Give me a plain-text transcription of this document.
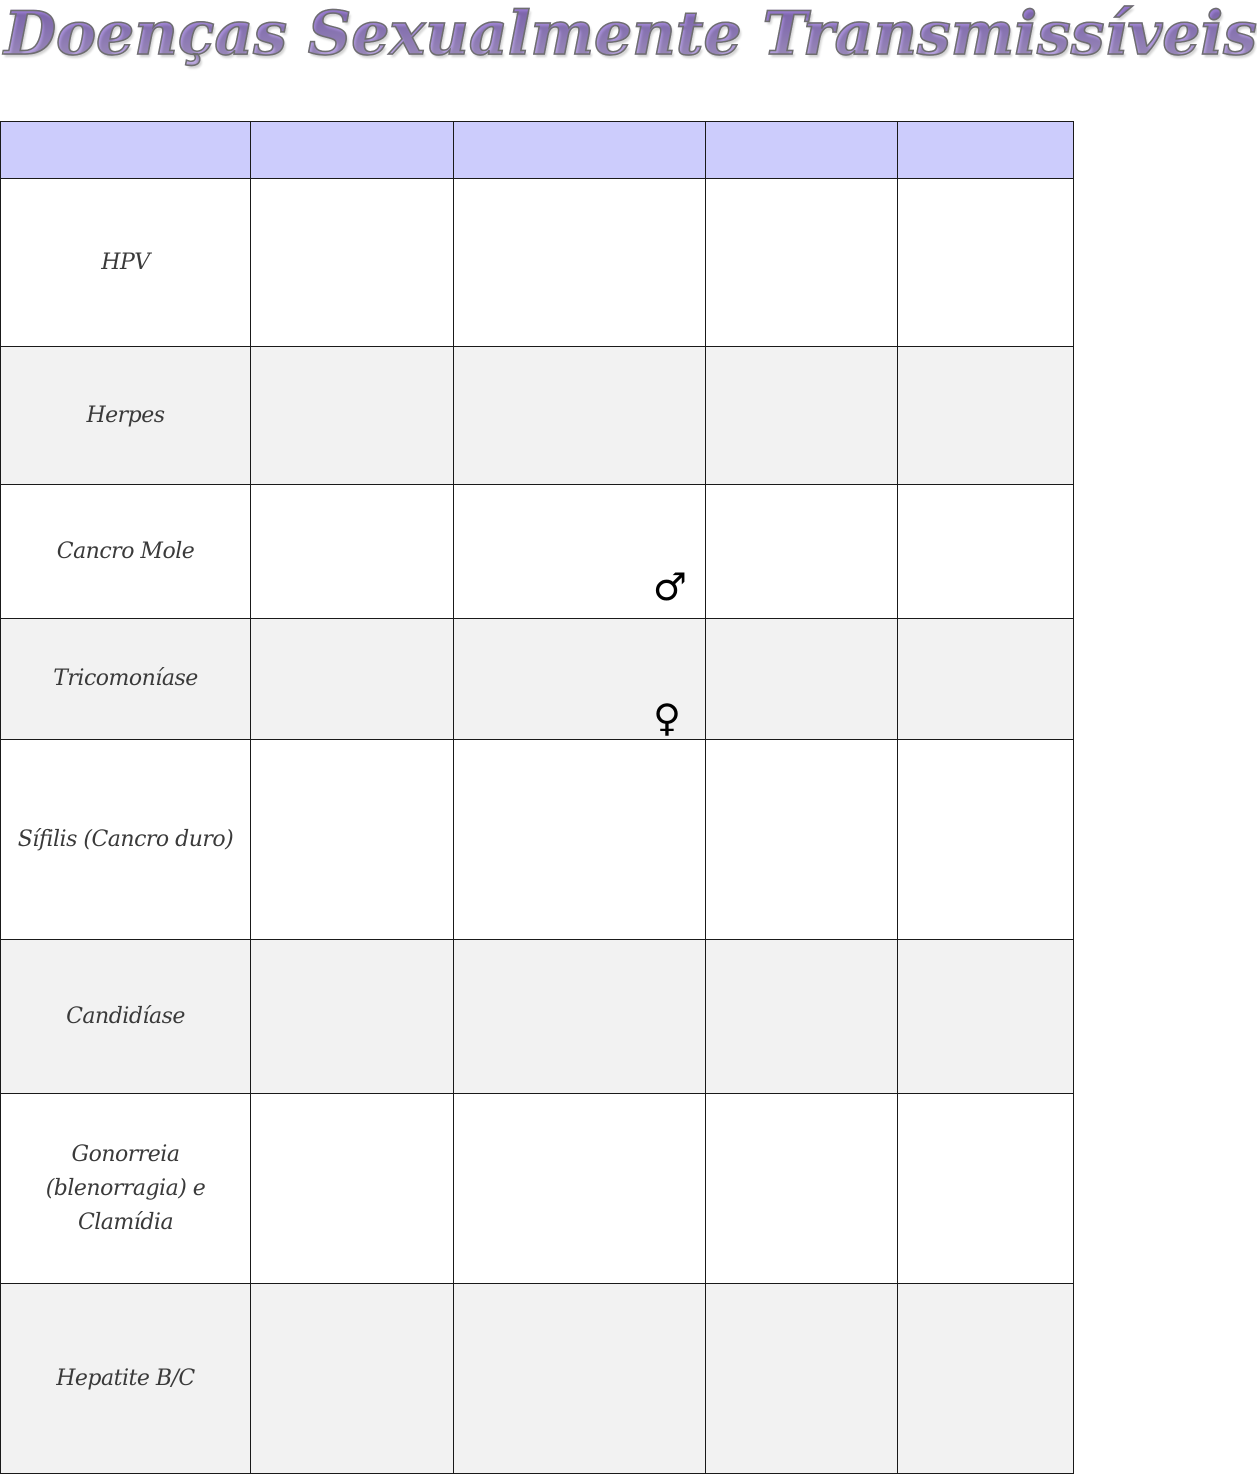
Doenças Sexualmente Transmissíveis

HPV				

Herpes				

Cancro Mole		♂		

Tricomoníase		♀		

Sífilis (Cancro duro)				

Candidíase				

Gonorreia (blenorragia) e Clamídia				

Hepatite B/C				
